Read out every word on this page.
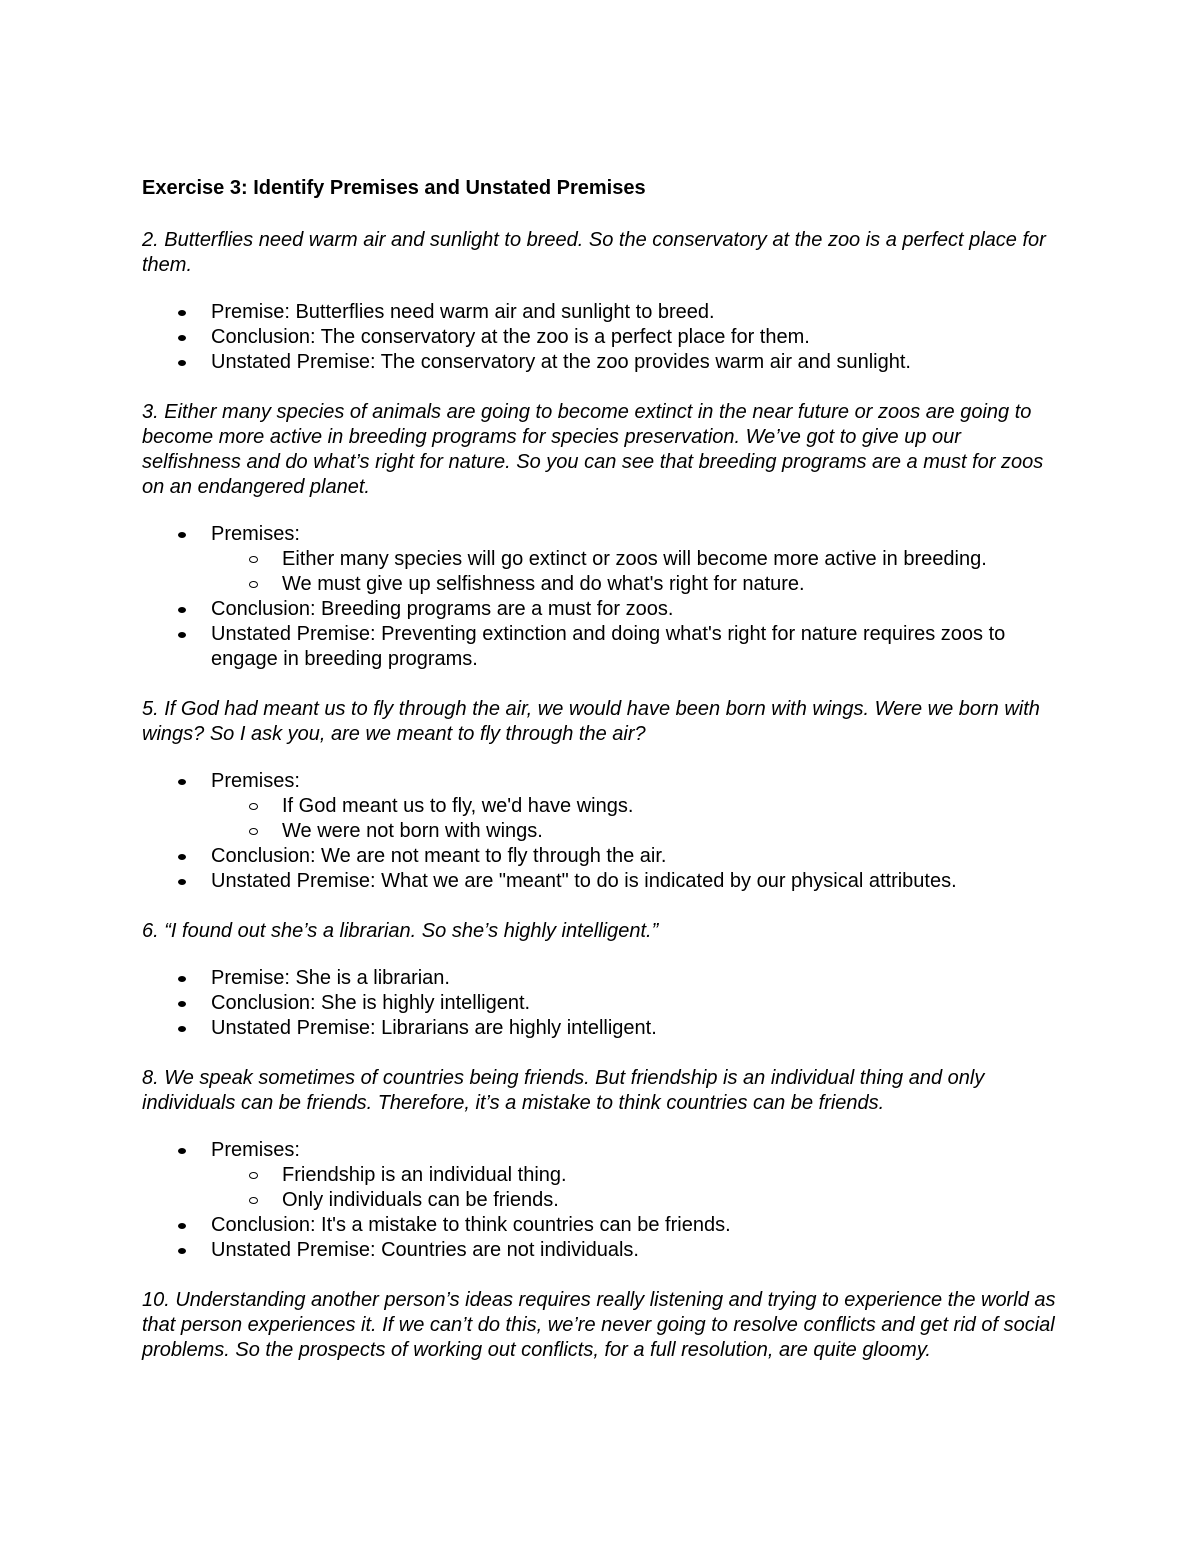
Exercise 3: Identify Premises and Unstated Premises

2. Butterflies need warm air and sunlight to breed. So the conservatory at the zoo is a perfect place for them.

Premise: Butterflies need warm air and sunlight to breed.
Conclusion: The conservatory at the zoo is a perfect place for them.
Unstated Premise: The conservatory at the zoo provides warm air and sunlight.

3. Either many species of animals are going to become extinct in the near future or zoos are going to become more active in breeding programs for species preservation. We’ve got to give up our selfishness and do what’s right for nature. So you can see that breeding programs are a must for zoos on an endangered planet.

Premises:
Either many species will go extinct or zoos will become more active in breeding.
We must give up selfishness and do what's right for nature.
Conclusion: Breeding programs are a must for zoos.
Unstated Premise: Preventing extinction and doing what's right for nature requires zoos to engage in breeding programs.

5. If God had meant us to fly through the air, we would have been born with wings. Were we born with wings? So I ask you, are we meant to fly through the air?

Premises:
If God meant us to fly, we'd have wings.
We were not born with wings.
Conclusion: We are not meant to fly through the air.
Unstated Premise: What we are "meant" to do is indicated by our physical attributes.

6. “I found out she’s a librarian. So she’s highly intelligent.”

Premise: She is a librarian.
Conclusion: She is highly intelligent.
Unstated Premise: Librarians are highly intelligent.

8. We speak sometimes of countries being friends. But friendship is an individual thing and only individuals can be friends. Therefore, it’s a mistake to think countries can be friends.

Premises:
Friendship is an individual thing.
Only individuals can be friends.
Conclusion: It's a mistake to think countries can be friends.
Unstated Premise: Countries are not individuals.

10. Understanding another person’s ideas requires really listening and trying to experience the world as that person experiences it. If we can’t do this, we’re never going to resolve conflicts and get rid of social problems. So the prospects of working out conflicts, for a full resolution, are quite gloomy.
